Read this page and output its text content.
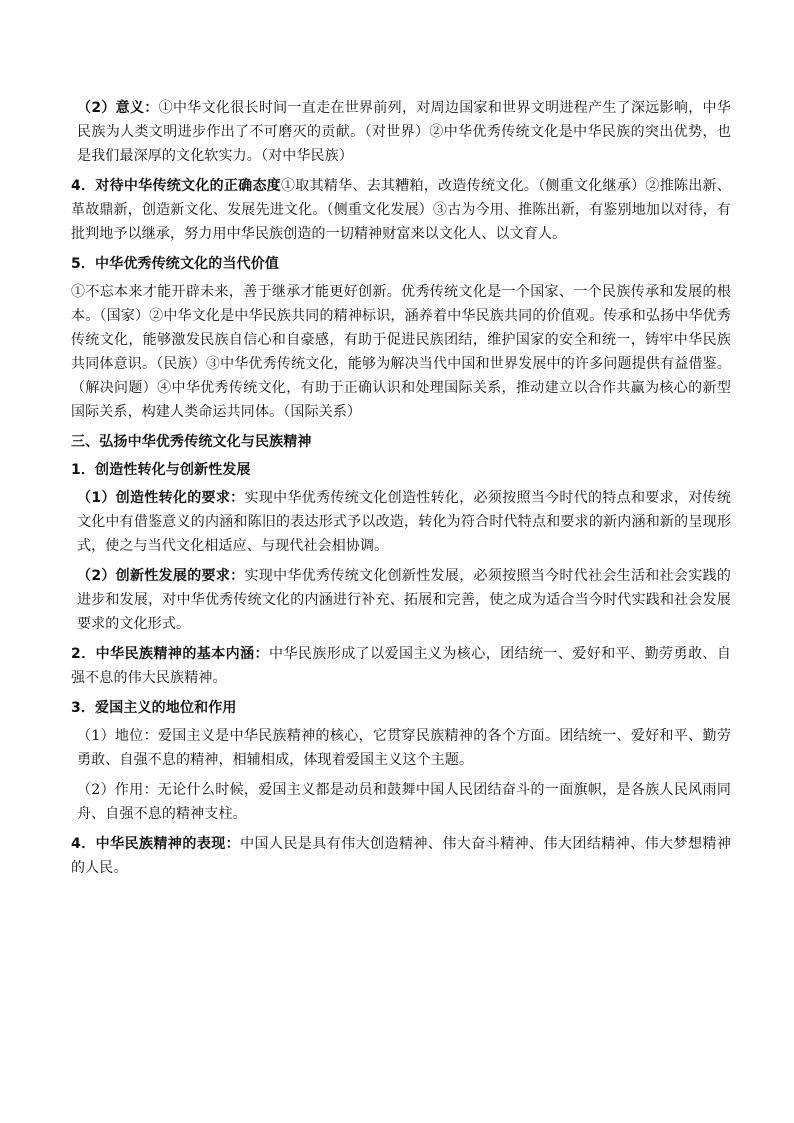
（2）意义：①中华文化很长时间一直走在世界前列，对周边国家和世界文明进程产生了深远影响，中华民族为人类文明进步作出了不可磨灭的贡献。（对世界）②中华优秀传统文化是中华民族的突出优势，也是我们最深厚的文化软实力。（对中华民族）

4．对待中华传统文化的正确态度①取其精华、去其糟粕，改造传统文化。（侧重文化继承）②推陈出新、革故鼎新，创造新文化、发展先进文化。（侧重文化发展）③古为今用、推陈出新，有鉴别地加以对待，有批判地予以继承，努力用中华民族创造的一切精神财富来以文化人、以文育人。

5．中华优秀传统文化的当代价值

①不忘本来才能开辟未来，善于继承才能更好创新。优秀传统文化是一个国家、一个民族传承和发展的根本。（国家）②中华文化是中华民族共同的精神标识，涵养着中华民族共同的价值观。传承和弘扬中华优秀传统文化，能够激发民族自信心和自豪感，有助于促进民族团结，维护国家的安全和统一，铸牢中华民族共同体意识。（民族）③中华优秀传统文化，能够为解决当代中国和世界发展中的许多问题提供有益借鉴。（解决问题）④中华优秀传统文化，有助于正确认识和处理国际关系，推动建立以合作共赢为核心的新型国际关系，构建人类命运共同体。（国际关系）

三、弘扬中华优秀传统文化与民族精神
1．创造性转化与创新性发展

（1）创造性转化的要求：实现中华优秀传统文化创造性转化，必须按照当今时代的特点和要求，对传统文化中有借鉴意义的内涵和陈旧的表达形式予以改造，转化为符合时代特点和要求的新内涵和新的呈现形式，使之与当代文化相适应、与现代社会相协调。

（2）创新性发展的要求：实现中华优秀传统文化创新性发展，必须按照当今时代社会生活和社会实践的进步和发展，对中华优秀传统文化的内涵进行补充、拓展和完善，使之成为适合当今时代实践和社会发展要求的文化形式。

2．中华民族精神的基本内涵：中华民族形成了以爱国主义为核心，团结统一、爱好和平、勤劳勇敢、自强不息的伟大民族精神。

3．爱国主义的地位和作用

（1）地位：爱国主义是中华民族精神的核心，它贯穿民族精神的各个方面。团结统一、爱好和平、勤劳勇敢、自强不息的精神，相辅相成，体现着爱国主义这个主题。

（2）作用：无论什么时候，爱国主义都是动员和鼓舞中国人民团结奋斗的一面旗帜，是各族人民风雨同舟、自强不息的精神支柱。

4．中华民族精神的表现：中国人民是具有伟大创造精神、伟大奋斗精神、伟大团结精神、伟大梦想精神的人民。
